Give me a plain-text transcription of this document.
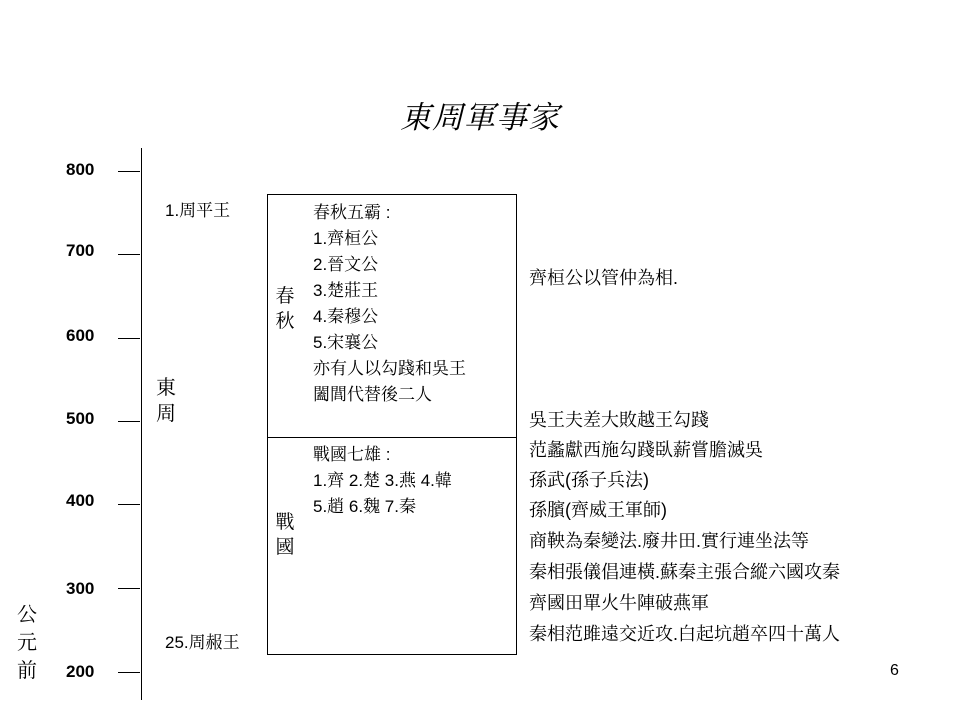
東周軍事家
800
700
600
500
400
300
200
公元前
東周
1.周平王
25.周赧王
春秋
戰國
春秋五霸 :
1.齊桓公
2.晉文公
3.楚莊王
4.秦穆公
5.宋襄公
亦有人以勾踐和吳王
闔閭代替後二人
戰國七雄 :
1.齊 2.楚 3.燕 4.韓
5.趙 6.魏 7.秦
齊桓公以管仲為相.
吳王夫差大敗越王勾踐
范蠡獻西施勾踐臥薪嘗膽滅吳
孫武(孫子兵法)
孫臏(齊威王軍師)
商鞅為秦變法.廢井田.實行連坐法等
秦相張儀倡連橫.蘇秦主張合縱六國攻秦
齊國田單火牛陣破燕軍
秦相范雎遠交近攻.白起坑趙卒四十萬人
6
